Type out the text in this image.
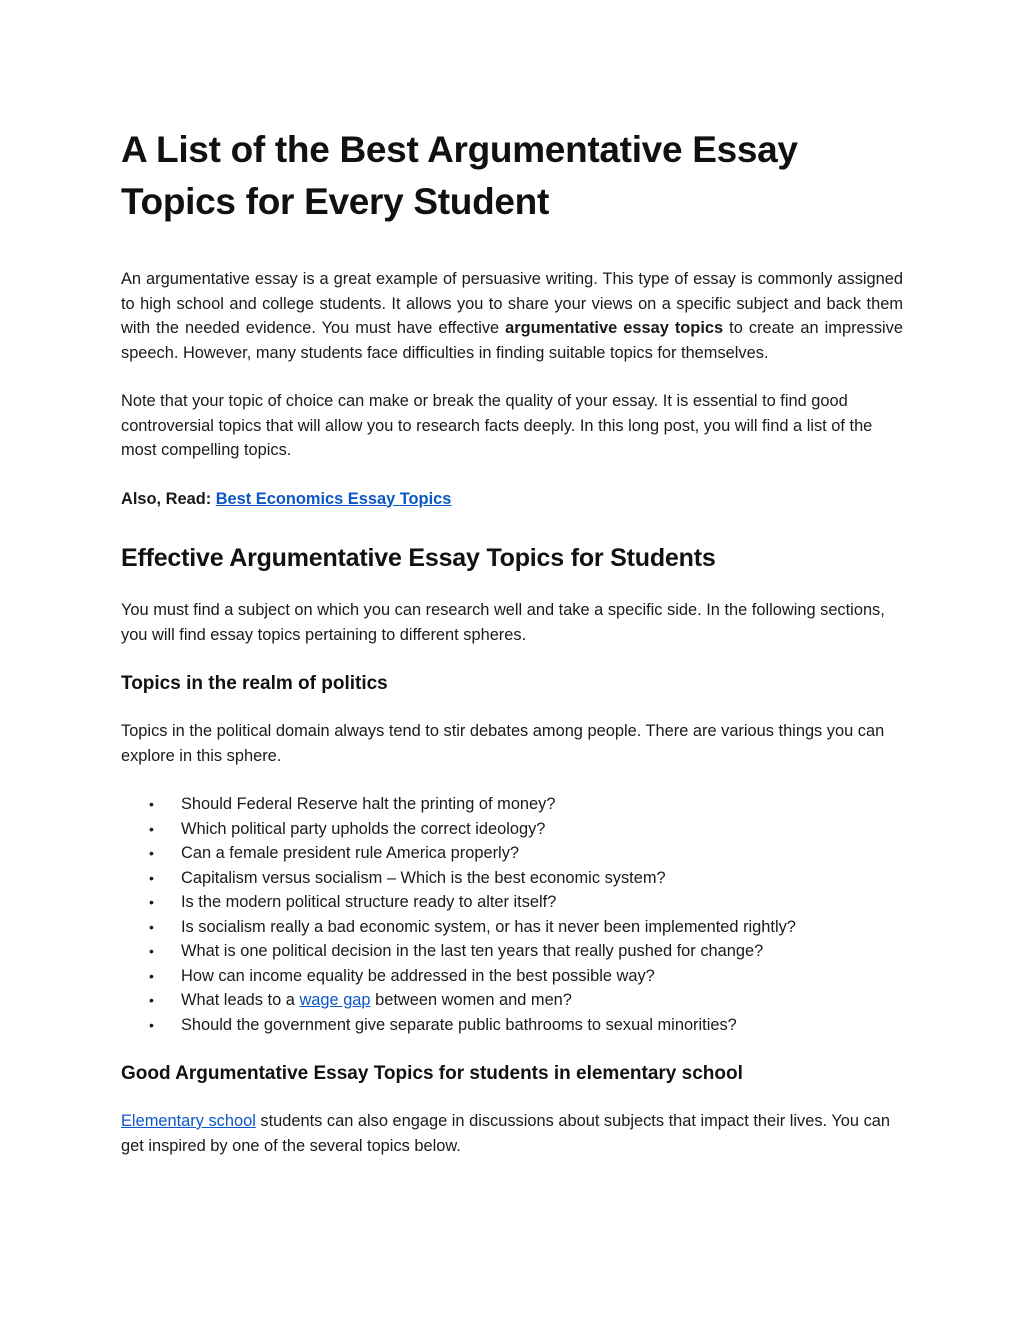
A List of the Best Argumentative Essay Topics for Every Student

An argumentative essay is a great example of persuasive writing. This type of essay is commonly assigned to high school and college students. It allows you to share your views on a specific subject and back them with the needed evidence. You must have effective argumentative essay topics to create an impressive speech. However, many students face difficulties in finding suitable topics for themselves.

Note that your topic of choice can make or break the quality of your essay. It is essential to find good controversial topics that will allow you to research facts deeply. In this long post, you will find a list of the most compelling topics.

Also, Read: Best Economics Essay Topics

Effective Argumentative Essay Topics for Students

You must find a subject on which you can research well and take a specific side. In the following sections, you will find essay topics pertaining to different spheres.

Topics in the realm of politics

Topics in the political domain always tend to stir debates among people. There are various things you can explore in this sphere.

• Should Federal Reserve halt the printing of money?
• Which political party upholds the correct ideology?
• Can a female president rule America properly?
• Capitalism versus socialism – Which is the best economic system?
• Is the modern political structure ready to alter itself?
• Is socialism really a bad economic system, or has it never been implemented rightly?
• What is one political decision in the last ten years that really pushed for change?
• How can income equality be addressed in the best possible way?
• What leads to a wage gap between women and men?
• Should the government give separate public bathrooms to sexual minorities?
Good Argumentative Essay Topics for students in elementary school

Elementary school students can also engage in discussions about subjects that impact their lives. You can get inspired by one of the several topics below.
